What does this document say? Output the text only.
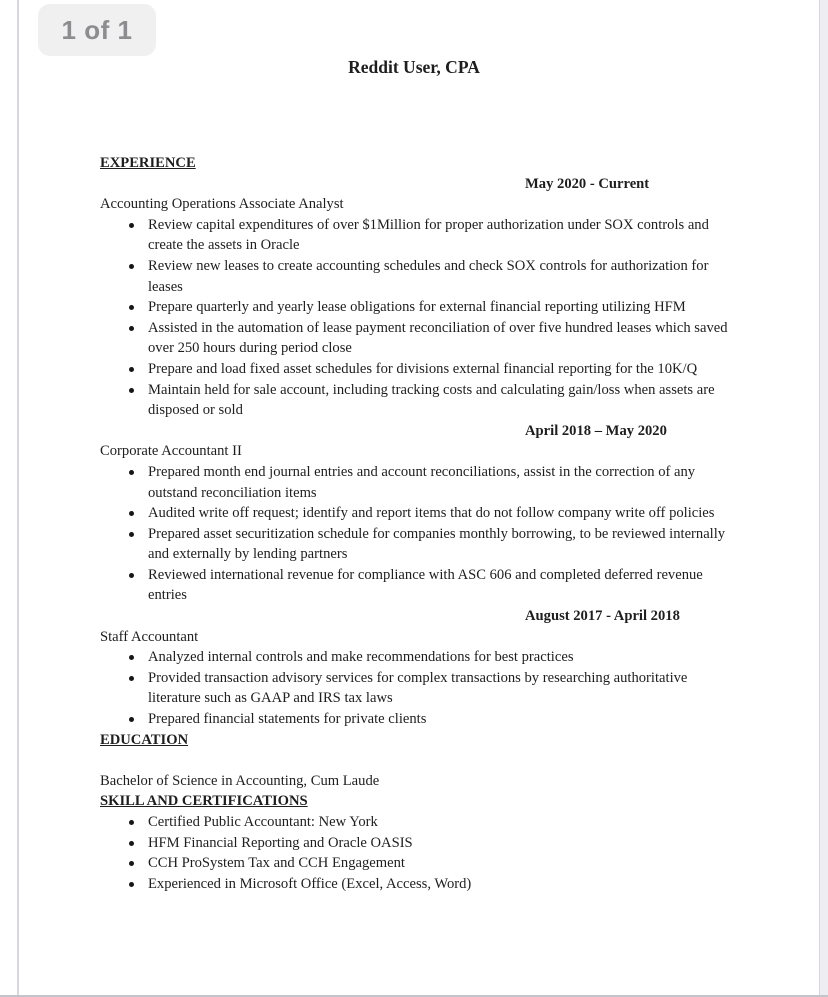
1 of 1
Reddit User, CPA
EXPERIENCE
May 2020 - Current
Accounting Operations Associate Analyst
Review capital expenditures of over $1Million for proper authorization under SOX controls and create the assets in Oracle
Review new leases to create accounting schedules and check SOX controls for authorization for leases
Prepare quarterly and yearly lease obligations for external financial reporting utilizing HFM
Assisted in the automation of lease payment reconciliation of over five hundred leases which saved over 250 hours during period close
Prepare and load fixed asset schedules for divisions external financial reporting for the 10K/Q
Maintain held for sale account, including tracking costs and calculating gain/loss when assets are disposed or sold
April 2018 – May 2020
Corporate Accountant II
Prepared month end journal entries and account reconciliations, assist in the correction of any outstand reconciliation items
Audited write off request; identify and report items that do not follow company write off policies
Prepared asset securitization schedule for companies monthly borrowing, to be reviewed internally and externally by lending partners
Reviewed international revenue for compliance with ASC 606 and completed deferred revenue entries
August 2017 - April 2018
Staff Accountant
Analyzed internal controls and make recommendations for best practices
Provided transaction advisory services for complex transactions by researching authoritative literature such as GAAP and IRS tax laws
Prepared financial statements for private clients
EDUCATION
Bachelor of Science in Accounting, Cum Laude
SKILL AND CERTIFICATIONS
Certified Public Accountant: New York
HFM Financial Reporting and Oracle OASIS
CCH ProSystem Tax and CCH Engagement
Experienced in Microsoft Office (Excel, Access, Word)
